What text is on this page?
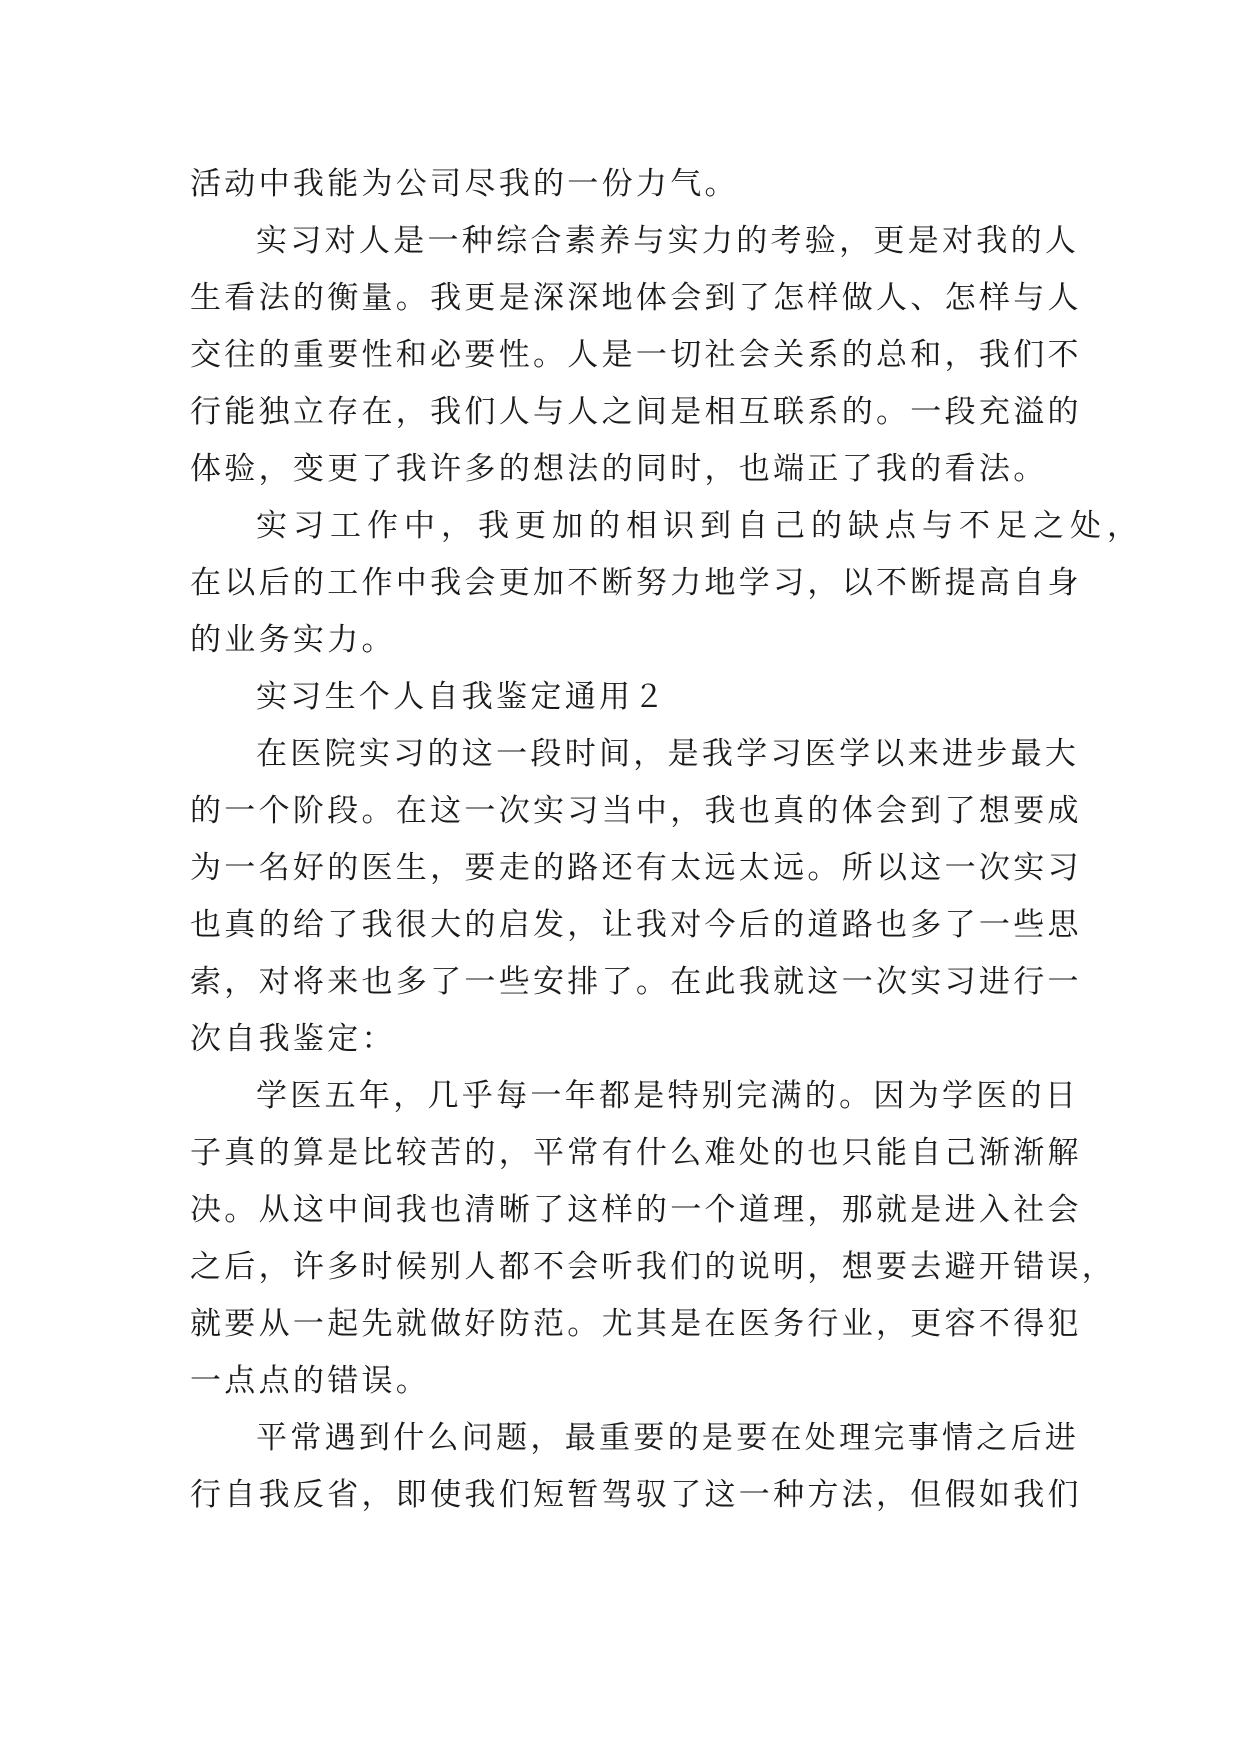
活动中我能为公司尽我的一份力气。
实习对人是一种综合素养与实力的考验，更是对我的人
生看法的衡量。我更是深深地体会到了怎样做人、怎样与人
交往的重要性和必要性。人是一切社会关系的总和，我们不
行能独立存在，我们人与人之间是相互联系的。一段充溢的
体验，变更了我许多的想法的同时，也端正了我的看法。
实习工作中，我更加的相识到自己的缺点与不足之处，
在以后的工作中我会更加不断努力地学习，以不断提高自身
的业务实力。
实习生个人自我鉴定通用２
在医院实习的这一段时间，是我学习医学以来进步最大
的一个阶段。在这一次实习当中，我也真的体会到了想要成
为一名好的医生，要走的路还有太远太远。所以这一次实习
也真的给了我很大的启发，让我对今后的道路也多了一些思
索，对将来也多了一些安排了。在此我就这一次实习进行一
次自我鉴定：
学医五年，几乎每一年都是特别完满的。因为学医的日
子真的算是比较苦的，平常有什么难处的也只能自己渐渐解
决。从这中间我也清晰了这样的一个道理，那就是进入社会
之后，许多时候别人都不会听我们的说明，想要去避开错误，
就要从一起先就做好防范。尤其是在医务行业，更容不得犯
一点点的错误。
平常遇到什么问题，最重要的是要在处理完事情之后进
行自我反省，即使我们短暂驾驭了这一种方法，但假如我们
